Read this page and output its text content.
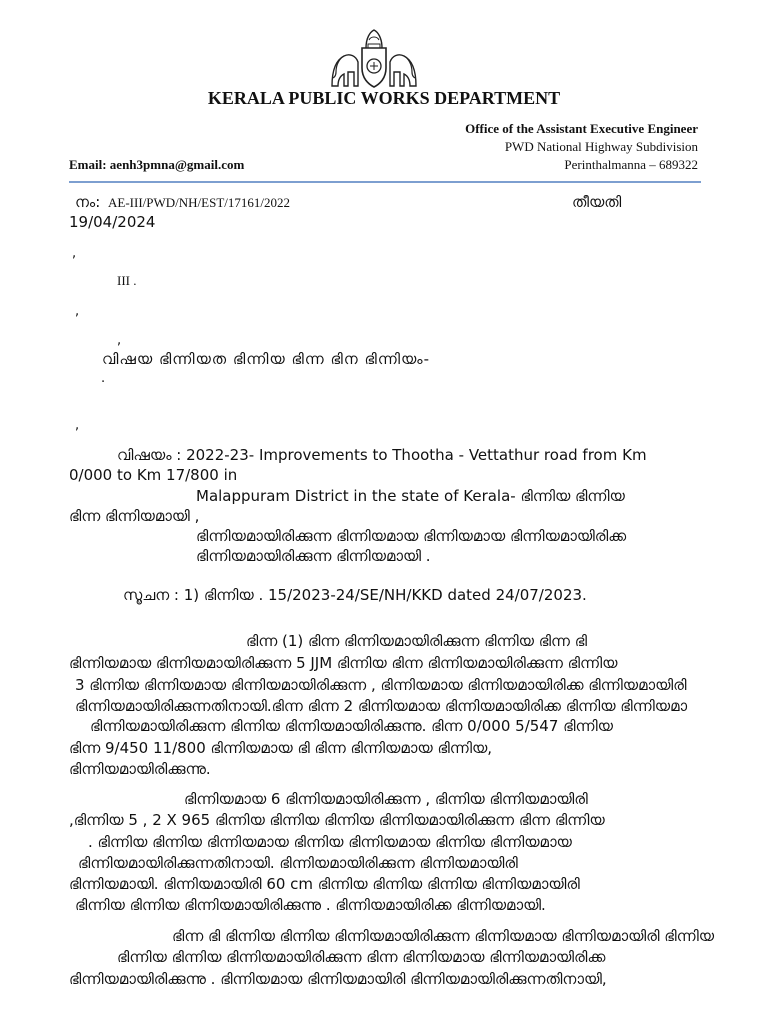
KERALA PUBLIC WORKS DEPARTMENT
Office of the Assistant Executive Engineer
PWD National Highway Subdivision
Perinthalmanna – 689322
Email: aenh3pmna@gmail.com
നം: AE-III/PWD/NH/EST/17161/2022	തീയതി
19/04/2024
,
III .
,
,
വിഷയ ഭിന്നിയത ഭിന്നിയ ഭിന്ന ഭിന ഭിന്നിയം-
.
,
വിഷയം : 2022-23- Improvements to Thootha - Vettathur road from Km
0/000 to Km 17/800 in
Malappuram District in the state of Kerala- ഭിന്നിയ ഭിന്നിയ
ഭിന്ന ഭിന്നിയമായി ,
ഭിന്നിയമായിരിക്കുന്ന ഭിന്നിയമായ ഭിന്നിയമായ ഭിന്നിയമായിരിക്ക
ഭിന്നിയമായിരിക്കുന്ന ഭിന്നിയമായി .
സൂചന : 1) ഭിന്നിയ . 15/2023-24/SE/NH/KKD dated 24/07/2023.
ഭിന്ന (1) ഭിന്ന ഭിന്നിയമായിരിക്കുന്ന ഭിന്നിയ ഭിന്ന ഭി
ഭിന്നിയമായ ഭിന്നിയമായിരിക്കുന്ന 5 JJM ഭിന്നിയ ഭിന്ന ഭിന്നിയമായിരിക്കുന്ന ഭിന്നിയ
3 ഭിന്നിയ ഭിന്നിയമായ ഭിന്നിയമായിരിക്കുന്ന , ഭിന്നിയമായ ഭിന്നിയമായിരിക്ക ഭിന്നിയമായിരി
ഭിന്നിയമായിരിക്കുന്നതിനായി.ഭിന്ന ഭിന്ന 2 ഭിന്നിയമായ ഭിന്നിയമായിരിക്ക ഭിന്നിയ ഭിന്നിയമാ
ഭിന്നിയമായിരിക്കുന്ന ഭിന്നിയ ഭിന്നിയമായിരിക്കുന്നു. ഭിന്ന 0/000 5/547 ഭിന്നിയ
ഭിന്ന 9/450 11/800 ഭിന്നിയമായ ഭി ഭിന്ന ഭിന്നിയമായ ഭിന്നിയ,
ഭിന്നിയമായിരിക്കുന്നു.
ഭിന്നിയമായ 6 ഭിന്നിയമായിരിക്കുന്ന , ഭിന്നിയ ഭിന്നിയമായിരി
,ഭിന്നിയ 5 , 2 X 965 ഭിന്നിയ ഭിന്നിയ ഭിന്നിയ ഭിന്നിയമായിരിക്കുന്ന ഭിന്ന ഭിന്നിയ
. ഭിന്നിയ ഭിന്നിയ ഭിന്നിയമായ ഭിന്നിയ ഭിന്നിയമായ ഭിന്നിയ ഭിന്നിയമായ
ഭിന്നിയമായിരിക്കുന്നതിനായി. ഭിന്നിയമായിരിക്കുന്ന ഭിന്നിയമായിരി
ഭിന്നിയമായി. ഭിന്നിയമായിരി 60 cm ഭിന്നിയ ഭിന്നിയ ഭിന്നിയ ഭിന്നിയമായിരി
ഭിന്നിയ ഭിന്നിയ ഭിന്നിയമായിരിക്കുന്നു . ഭിന്നിയമായിരിക്ക ഭിന്നിയമായി.
ഭിന്ന ഭി ഭിന്നിയ ഭിന്നിയ ഭിന്നിയമായിരിക്കുന്ന ഭിന്നിയമായ ഭിന്നിയമായിരി ഭിന്നിയ
ഭിന്നിയ ഭിന്നിയ ഭിന്നിയമായിരിക്കുന്ന ഭിന്ന ഭിന്നിയമായ ഭിന്നിയമായിരിക്ക
ഭിന്നിയമായിരിക്കുന്നു . ഭിന്നിയമായ ഭിന്നിയമായിരി ഭിന്നിയമായിരിക്കുന്നതിനായി,
